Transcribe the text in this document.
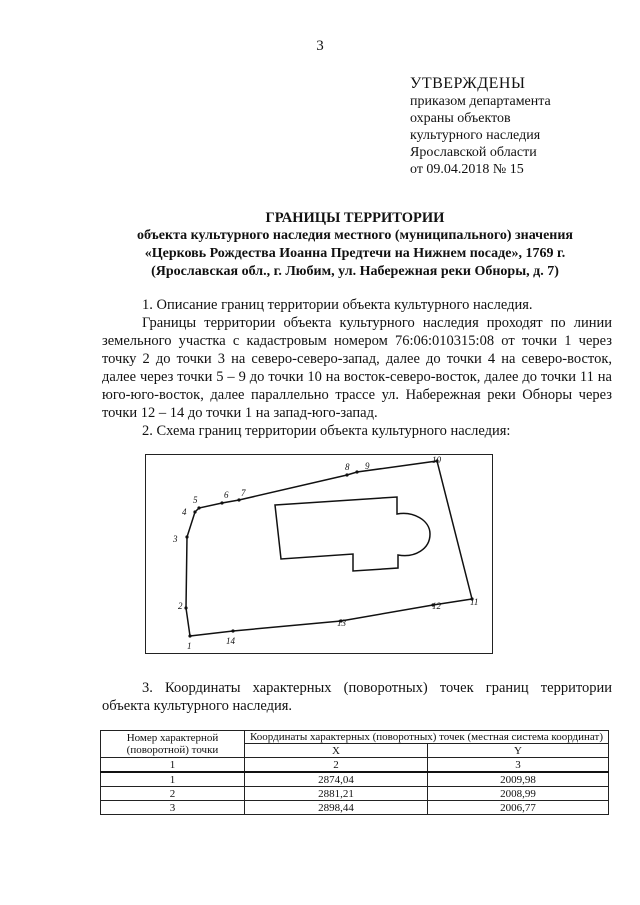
3
УТВЕРЖДЕНЫ
приказом департамента
охраны объектов
культурного наследия
Ярославской области
от 09.04.2018 № 15
ГРАНИЦЫ ТЕРРИТОРИИ
объекта культурного наследия местного (муниципального) значения
«Церковь Рождества Иоанна Предтечи на Нижнем посаде», 1769 г.
(Ярославская обл., г. Любим, ул. Набережная реки Обноры, д. 7)
1. Описание границ территории объекта культурного наследия.
Границы территории объекта культурного наследия проходят по линии земельного участка с кадастровым номером 76:06:010315:08 от точки 1 через точку 2 до точки 3 на северо-северо-запад, далее до точки 4 на северо-восток, далее через точки 5 – 9 до точки 10 на восток-северо-восток, далее до точки 11 на юго-юго-восток, далее параллельно трассе ул. Набережная реки Обноры через точки 12 – 14 до точки 1 на запад-юго-запад.
2. Схема границ территории объекта культурного наследия:
1
2
3
4
5	6 7
8 9
10
11
12
13
14
3. Координаты характерных (поворотных) точек границ территории объекта культурного наследия.
Номер характерной (поворотной) точки	Координаты характерных (поворотных) точек (местная система координат)	
	X	Y
1	2	3
1	2874,04	2009,98
2	2881,21	2008,99
3	2898,44	2006,77
